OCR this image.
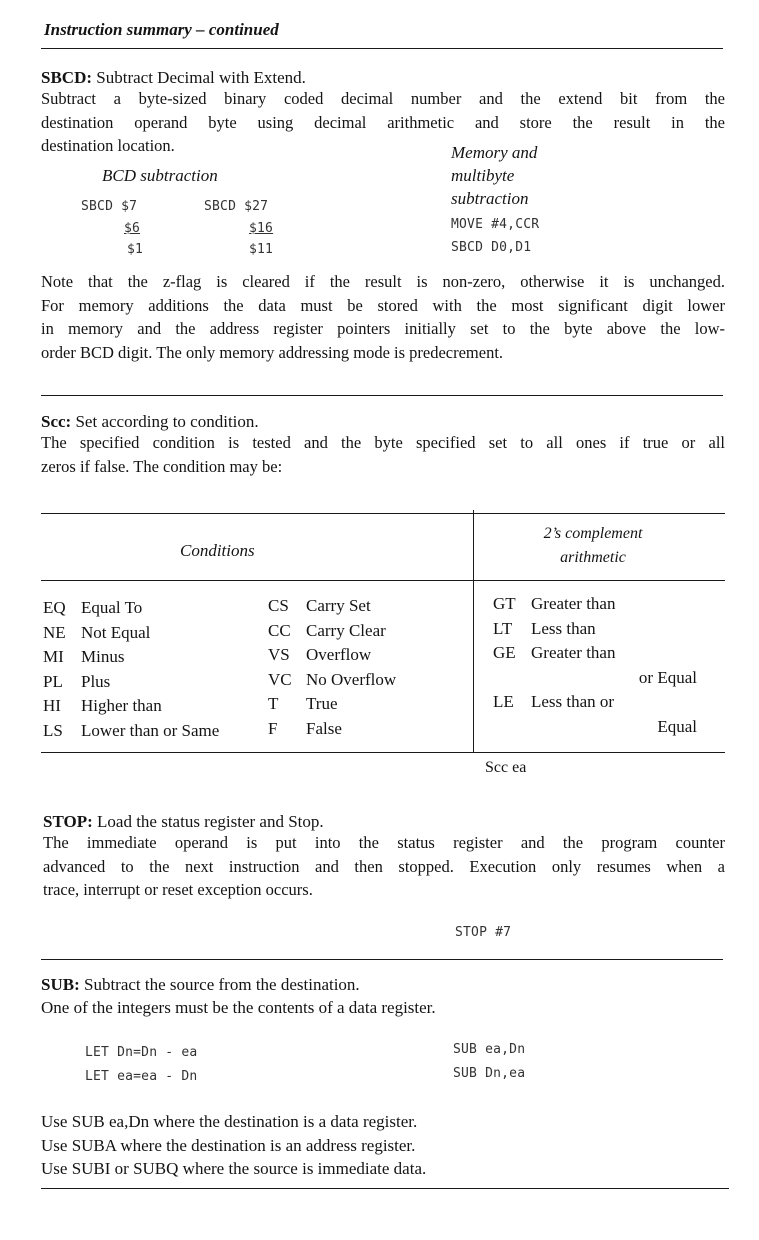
Instruction summary – continued
SBCD: Subtract Decimal with Extend.
Subtract a byte-sized binary coded decimal number and the extend bit from the
destination operand byte using decimal arithmetic and store the result in the
destination location.
BCD subtraction
SBCD $7
$6
$1
SBCD $27
$16
$11
Memory and
multibyte
subtraction
MOVE #4,CCR
SBCD D0,D1
Note that the z-flag is cleared if the result is non-zero, otherwise it is unchanged.
For memory additions the data must be stored with the most significant digit lower
in memory and the address register pointers initially set to the byte above the low-
order BCD digit. The only memory addressing mode is predecrement.
Scc: Set according to condition.
The specified condition is tested and the byte specified set to all ones if true or all
zeros if false. The condition may be:
Conditions
2’s complement
arithmetic
EQ Equal To
NE Not Equal
MI Minus
PL Plus
HI Higher than
LS Lower than or Same
CS Carry Set
CC Carry Clear
VS Overflow
VC No Overflow
T True
F False
GT Greater than
LT Less than
GE Greater than
or Equal
LE Less than or
Equal
Scc ea
STOP: Load the status register and Stop.
The immediate operand is put into the status register and the program counter
advanced to the next instruction and then stopped. Execution only resumes when a
trace, interrupt or reset exception occurs.
STOP #7
SUB: Subtract the source from the destination.
One of the integers must be the contents of a data register.
LET Dn=Dn - ea
LET ea=ea - Dn
SUB ea,Dn
SUB Dn,ea
Use SUB ea,Dn where the destination is a data register.
Use SUBA where the destination is an address register.
Use SUBI or SUBQ where the source is immediate data.
